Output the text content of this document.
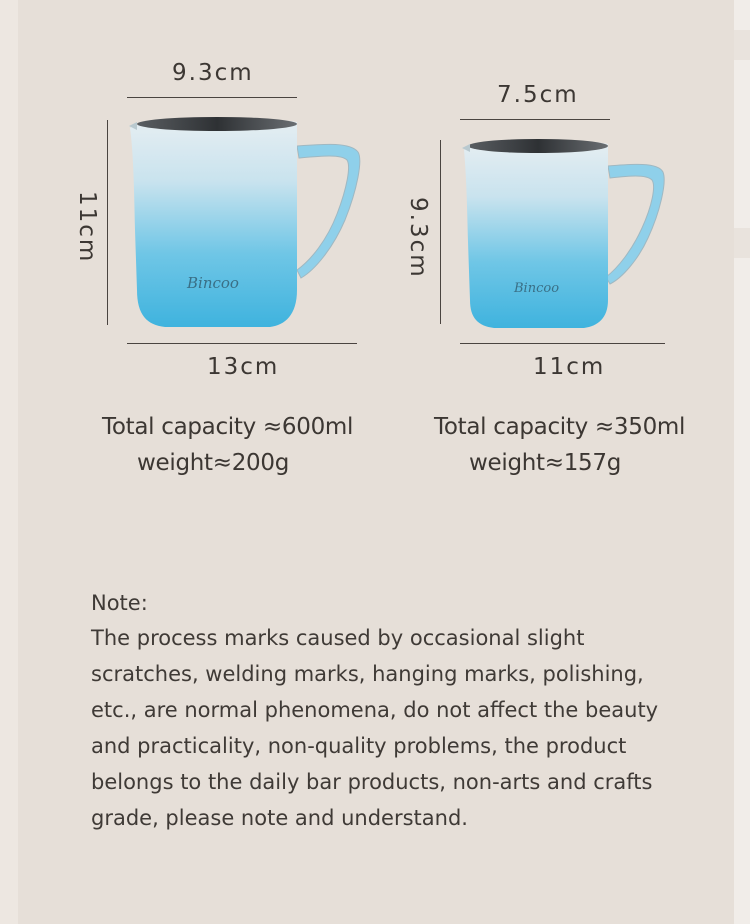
9.3cm
11cm
13cm
Bincoo
Total capacity ≈600ml
weight≈200g
7.5cm
9.3cm
11cm
Bincoo
Total capacity ≈350ml
weight≈157g
Note:
The process marks caused by occasional slight scratches, welding marks, hanging marks, polishing, etc., are normal phenomena, do not affect the beauty and practicality, non-quality problems, the product belongs to the daily bar products, non-arts and crafts grade, please note and understand.
